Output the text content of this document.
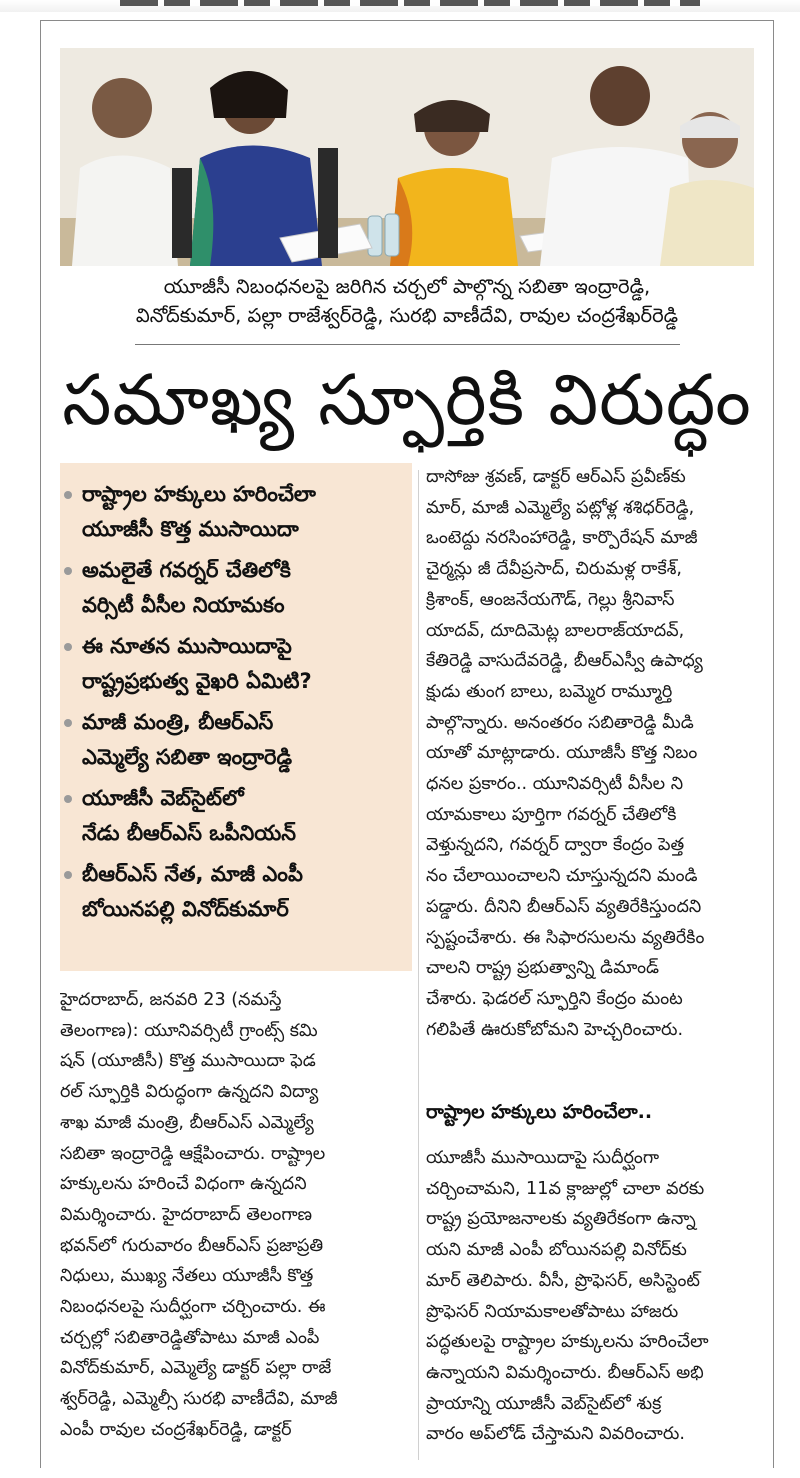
యూజీసీ నిబంధనలపై జరిగిన చర్చలో పాల్గొన్న సబితా ఇంద్రారెడ్డి,
వినోద్‌కుమార్, పల్లా రాజేశ్వర్‌రెడ్డి, సురభి వాణీదేవి, రావుల చంద్రశేఖర్‌రెడ్డి
సమాఖ్య స్ఫూర్తికి విరుద్ధం
రాష్ట్రాల హక్కులు హరించేలా
యూజీసీ కొత్త ముసాయిదా
అమలైతే గవర్నర్ చేతిలోకి
వర్సిటీ వీసీల నియామకం
ఈ నూతన ముసాయిదాపై
రాష్ట్రప్రభుత్వ వైఖరి ఏమిటి?
మాజీ మంత్రి, బీఆర్ఎస్
ఎమ్మెల్యే సబితా ఇంద్రారెడ్డి
యూజీసీ వెబ్‌సైట్‌లో
నేడు బీఆర్ఎస్ ఒపీనియన్
బీఆర్ఎస్ నేత, మాజీ ఎంపీ
బోయినపల్లి వినోద్‌కుమార్
హైదరాబాద్, జనవరి 23 (నమస్తే
తెలంగాణ): యూనివర్సిటీ గ్రాంట్స్ కమి
షన్ (యూజీసీ) కొత్త ముసాయిదా ఫెడ
రల్ స్ఫూర్తికి విరుద్ధంగా ఉన్నదని విద్యా
శాఖ మాజీ మంత్రి, బీఆర్ఎస్ ఎమ్మెల్యే
సబితా ఇంద్రారెడ్డి ఆక్షేపించారు. రాష్ట్రాల
హక్కులను హరించే విధంగా ఉన్నదని
విమర్శించారు. హైదరాబాద్ తెలంగాణ
భవన్‌లో గురువారం బీఆర్ఎస్ ప్రజాప్రతి
నిధులు, ముఖ్య నేతలు యూజీసీ కొత్త
నిబంధనలపై సుదీర్ఘంగా చర్చించారు. ఈ
చర్చల్లో సబితారెడ్డితోపాటు మాజీ ఎంపీ
వినోద్‌కుమార్, ఎమ్మెల్యే డాక్టర్ పల్లా రాజే
శ్వర్‌రెడ్డి, ఎమ్మెల్సీ సురభి వాణీదేవి, మాజీ
ఎంపీ రావుల చంద్రశేఖర్‌రెడ్డి, డాక్టర్
దాసోజు శ్రవణ్, డాక్టర్ ఆర్ఎస్ ప్రవీణ్‌కు
మార్, మాజీ ఎమ్మెల్యే పట్లోళ్ల శశిధర్‌రెడ్డి,
ఒంటెద్దు నరసింహారెడ్డి, కార్పొరేషన్ మాజీ
చైర్మన్లు జీ దేవీప్రసాద్, చిరుమళ్ల రాకేశ్,
క్రిశాంక్, ఆంజనేయగౌడ్, గెల్లు శ్రీనివాస్
యాదవ్, దూదిమెట్ల బాలరాజ్‌యాదవ్,
కేతిరెడ్డి వాసుదేవరెడ్డి, బీఆర్ఎస్వీ ఉపాధ్య
క్షుడు తుంగ బాలు, బమ్మెర రామ్మూర్తి
పాల్గొన్నారు. అనంతరం సబితారెడ్డి మీడి
యాతో మాట్లాడారు. యూజీసీ కొత్త నిబం
ధనల ప్రకారం.. యూనివర్సిటీ వీసీల ని
యామకాలు పూర్తిగా గవర్నర్ చేతిలోకి
వెళ్తున్నదని, గవర్నర్ ద్వారా కేంద్రం పెత్త
నం చేలాయించాలని చూస్తున్నదని మండి
పడ్డారు. దీనిని బీఆర్ఎస్ వ్యతిరేకిస్తుందని
స్పష్టంచేశారు. ఈ సిఫారసులను వ్యతిరేకిం
చాలని రాష్ట్ర ప్రభుత్వాన్ని డిమాండ్
చేశారు. ఫెడరల్ స్ఫూర్తిని కేంద్రం మంట
గలిపితే ఊరుకోబోమని హెచ్చరించారు.
రాష్ట్రాల హక్కులు హరించేలా..
యూజీసీ ముసాయిదాపై సుదీర్ఘంగా
చర్చించామని, 11వ క్లాజుల్లో చాలా వరకు
రాష్ట్ర ప్రయోజనాలకు వ్యతిరేకంగా ఉన్నా
యని మాజీ ఎంపీ బోయినపల్లి వినోద్‌కు
మార్ తెలిపారు. వీసీ, ప్రొఫెసర్, అసిస్టెంట్
ప్రొఫెసర్ నియామకాలతోపాటు హాజరు
పద్ధతులపై రాష్ట్రాల హక్కులను హరించేలా
ఉన్నాయని విమర్శించారు. బీఆర్ఎస్ అభి
ప్రాయాన్ని యూజీసీ వెబ్‌సైట్‌లో శుక్ర
వారం అప్‌లోడ్ చేస్తామని వివరించారు.
